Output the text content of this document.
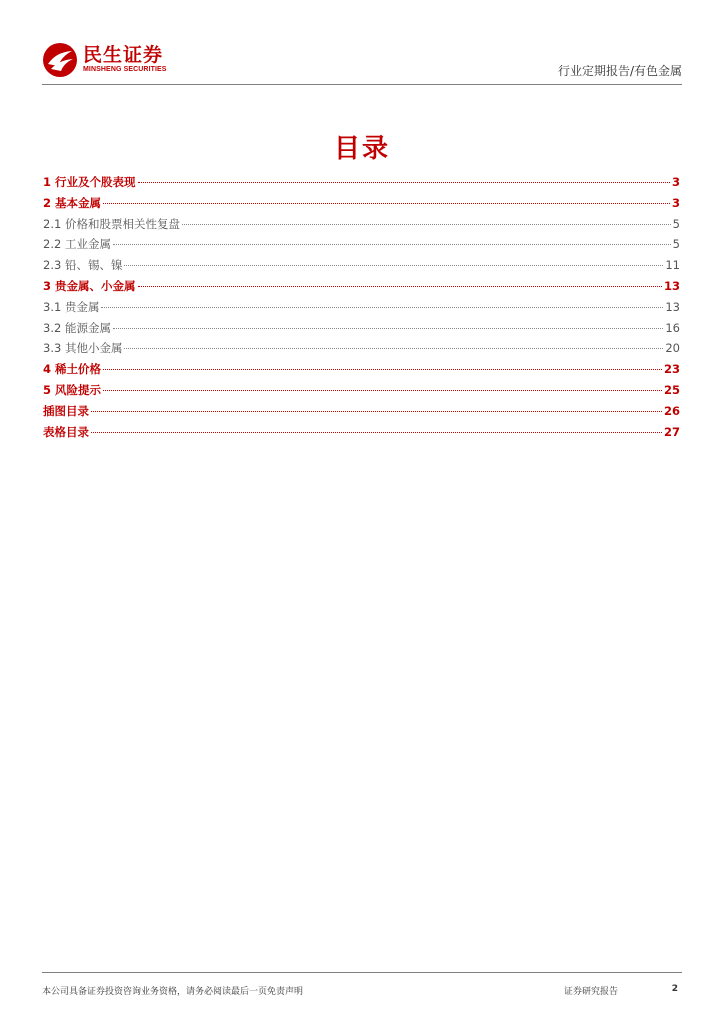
民生证券
MINSHENG SECURITIES	行业定期报告/有色金属
目录
1 行业及个股表现	3
2 基本金属	3
2.1 价格和股票相关性复盘	5
2.2 工业金属	5
2.3 铅、锡、镍	11
3 贵金属、小金属	13
3.1 贵金属	13
3.2 能源金属	16
3.3 其他小金属	20
4 稀土价格	23
5 风险提示	25
插图目录	26
表格目录	27
本公司具备证券投资咨询业务资格，请务必阅读最后一页免责声明	证券研究报告	2
